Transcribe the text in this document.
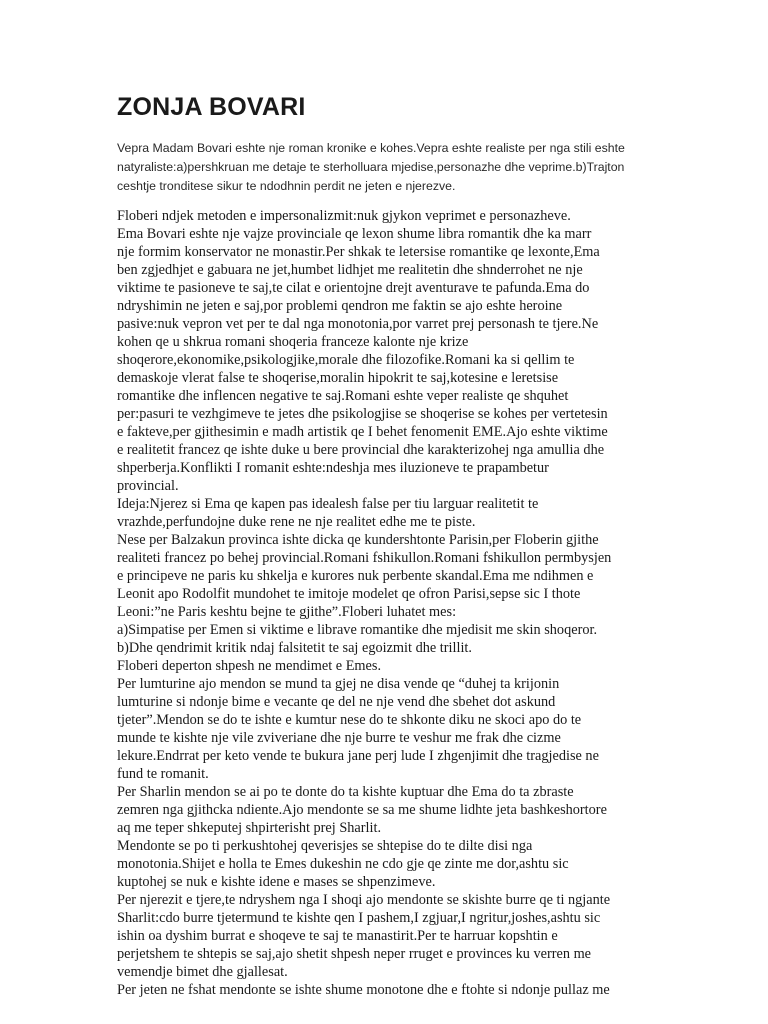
ZONJA BOVARI
Vepra Madam Bovari eshte nje roman kronike e kohes.Vepra eshte realiste per nga stili eshte
natyraliste:a)pershkruan me detaje te sterholluara mjedise,personazhe dhe veprime.b)Trajton
ceshtje tronditese sikur te ndodhnin perdit ne jeten e njerezve.
Floberi ndjek metoden e impersonalizmit:nuk gjykon veprimet e personazheve.
Ema Bovari eshte nje vajze provinciale qe lexon shume libra romantik dhe ka marr
nje formim konservator ne monastir.Per shkak te letersise romantike qe lexonte,Ema
ben zgjedhjet e gabuara ne jet,humbet lidhjet me realitetin dhe shnderrohet ne nje
viktime te pasioneve te saj,te cilat e orientojne drejt aventurave te pafunda.Ema do
ndryshimin ne jeten e saj,por problemi qendron me faktin se ajo eshte heroine
pasive:nuk vepron vet per te dal nga monotonia,por varret prej personash te tjere.Ne
kohen qe u shkrua romani shoqeria franceze kalonte nje krize
shoqerore,ekonomike,psikologjike,morale dhe filozofike.Romani ka si qellim te
demaskoje vlerat false te shoqerise,moralin hipokrit te saj,kotesine e leretsise
romantike dhe inflencen negative te saj.Romani eshte veper realiste qe shquhet
per:pasuri te vezhgimeve te jetes dhe psikologjise se shoqerise se kohes per vertetesin
e fakteve,per gjithesimin e madh artistik qe I behet fenomenit EME.Ajo eshte viktime
e realitetit francez qe ishte duke u bere provincial dhe karakterizohej nga amullia dhe
shperberja.Konflikti I romanit eshte:ndeshja mes iluzioneve te prapambetur
provincial.
Ideja:Njerez si Ema qe kapen pas idealesh false per tiu larguar realitetit te
vrazhde,perfundojne duke rene ne nje realitet edhe me te piste.
Nese per Balzakun provinca ishte dicka qe kundershtonte Parisin,per Floberin gjithe
realiteti francez po behej provincial.Romani fshikullon.Romani fshikullon permbysjen
e principeve ne paris ku shkelja e kurores nuk perbente skandal.Ema me ndihmen e
Leonit apo Rodolfit mundohet te imitoje modelet qe ofron Parisi,sepse sic I thote
Leoni:”ne Paris keshtu bejne te gjithe”.Floberi luhatet mes:
a)Simpatise per Emen si viktime e librave romantike dhe mjedisit me skin shoqeror.
b)Dhe qendrimit kritik ndaj falsitetit te saj egoizmit dhe trillit.
Floberi deperton shpesh ne mendimet e Emes.
Per lumturine ajo mendon se mund ta gjej ne disa vende qe “duhej ta krijonin
lumturine si ndonje bime e vecante qe del ne nje vend dhe sbehet dot askund
tjeter”.Mendon se do te ishte e kumtur nese do te shkonte diku ne skoci apo do te
munde te kishte nje vile zviveriane dhe nje burre te veshur me frak dhe cizme
lekure.Endrrat per keto vende te bukura jane perj lude I zhgenjimit dhe tragjedise ne
fund te romanit.
Per Sharlin mendon se ai po te donte do ta kishte kuptuar dhe Ema do ta zbraste
zemren nga gjithcka ndiente.Ajo mendonte se sa me shume lidhte jeta bashkeshortore
aq me teper shkeputej shpirterisht prej Sharlit.
Mendonte se po ti perkushtohej qeverisjes se shtepise do te dilte disi nga
monotonia.Shijet e holla te Emes dukeshin ne cdo gje qe zinte me dor,ashtu sic
kuptohej se nuk e kishte idene e mases se shpenzimeve.
Per njerezit e tjere,te ndryshem nga I shoqi ajo mendonte se skishte burre qe ti ngjante
Sharlit:cdo burre tjetermund te kishte qen I pashem,I zgjuar,I ngritur,joshes,ashtu sic
ishin oa dyshim burrat e shoqeve te saj te manastirit.Per te harruar kopshtin e
perjetshem te shtepis se saj,ajo shetit shpesh neper rruget e provinces ku verren me
vemendje bimet dhe gjallesat.
Per jeten ne fshat mendonte se ishte shume monotone dhe e ftohte si ndonje pullaz me
